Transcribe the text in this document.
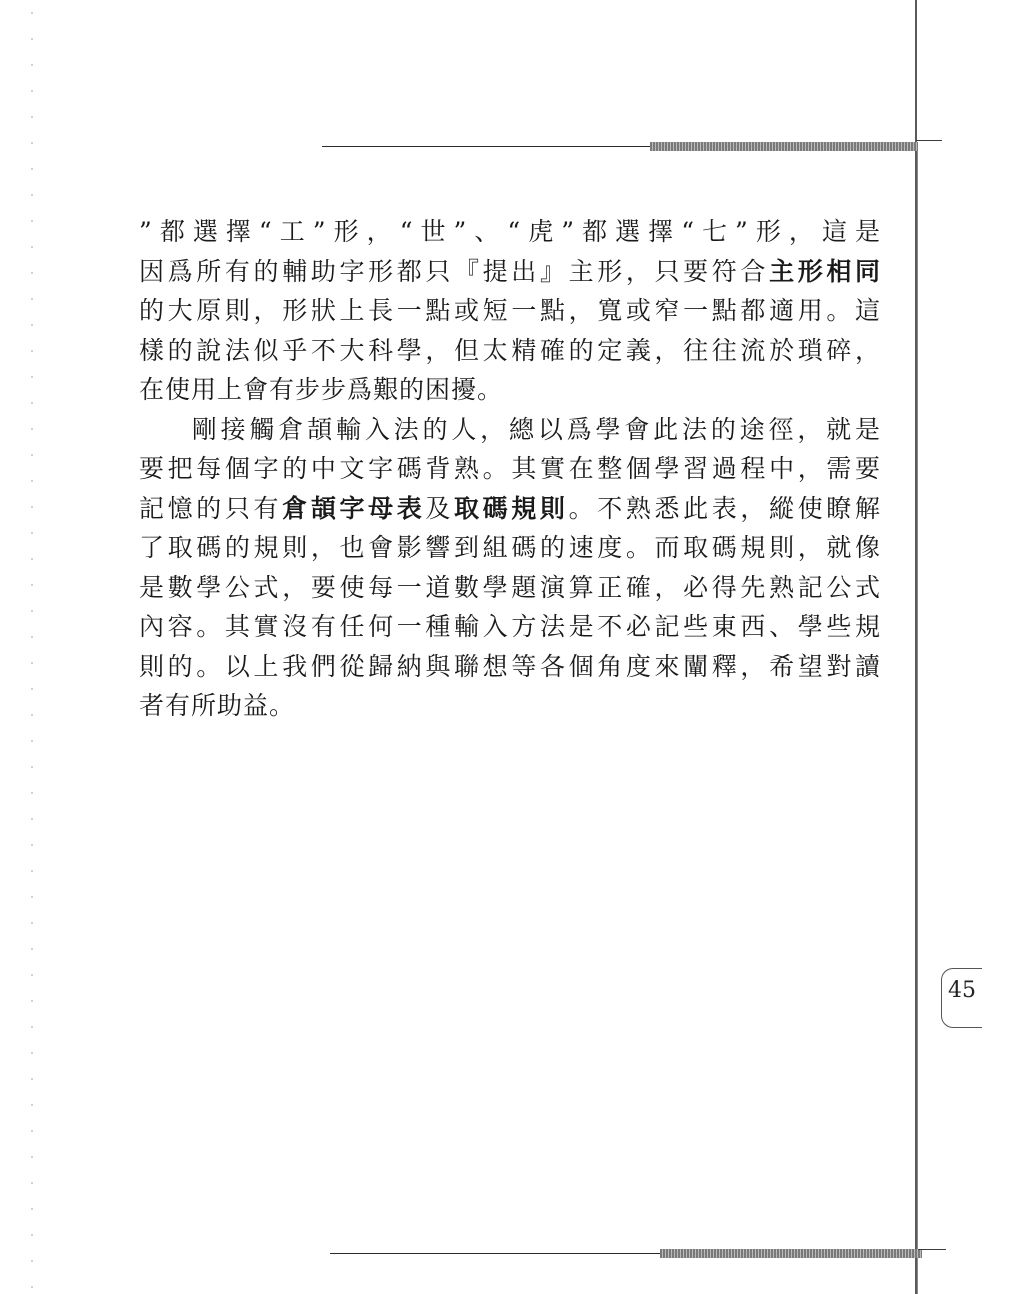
”都選擇“工”形，“世”、“虎”都選擇“七”形，這是

因爲所有的輔助字形都只『提出』主形，只要符合主形相同

的大原則，形狀上長一點或短一點，寬或窄一點都適用。這

樣的說法似乎不大科學，但太精確的定義，往往流於瑣碎，

在使用上會有步步爲艱的困擾。

剛接觸倉頡輸入法的人，總以爲學會此法的途徑，就是

要把每個字的中文字碼背熟。其實在整個學習過程中，需要

記憶的只有倉頡字母表及取碼規則。不熟悉此表，縱使瞭解

了取碼的規則，也會影響到組碼的速度。而取碼規則，就像

是數學公式，要使每一道數學題演算正確，必得先熟記公式

內容。其實沒有任何一種輸入方法是不必記些東西、學些規

則的。以上我們從歸納與聯想等各個角度來闡釋，希望對讀

者有所助益。

45
